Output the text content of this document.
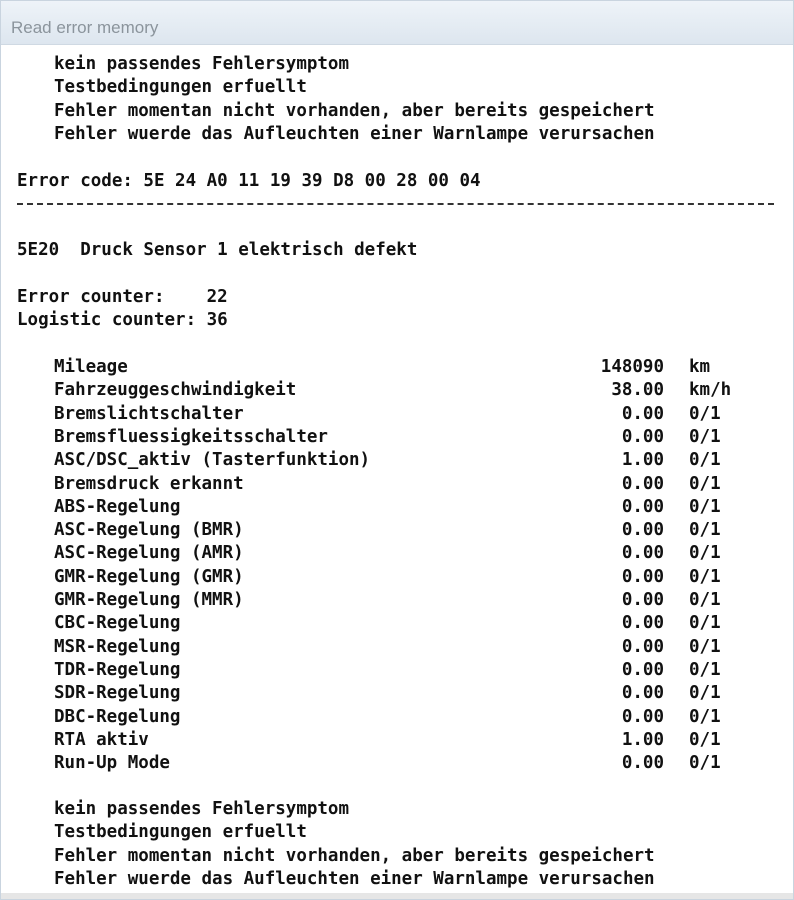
Read error memory
kein passendes Fehlersymptom
Testbedingungen erfuellt
Fehler momentan nicht vorhanden, aber bereits gespeichert
Fehler wuerde das Aufleuchten einer Warnlampe verursachen
Error code: 5E 24 A0 11 19 39 D8 00 28 00 04
5E20  Druck Sensor 1 elektrisch defekt
Error counter:    22
Logistic counter: 36
Mileage	148090 km
Fahrzeuggeschwindigkeit	38.00 km/h
Bremslichtschalter	0.00 0/1
Bremsfluessigkeitsschalter	0.00 0/1
ASC/DSC_aktiv (Tasterfunktion)	1.00 0/1
Bremsdruck erkannt	0.00 0/1
ABS-Regelung	0.00 0/1
ASC-Regelung (BMR)	0.00 0/1
ASC-Regelung (AMR)	0.00 0/1
GMR-Regelung (GMR)	0.00 0/1
GMR-Regelung (MMR)	0.00 0/1
CBC-Regelung	0.00 0/1
MSR-Regelung	0.00 0/1
TDR-Regelung	0.00 0/1
SDR-Regelung	0.00 0/1
DBC-Regelung	0.00 0/1
RTA aktiv	1.00 0/1
Run-Up Mode	0.00 0/1
kein passendes Fehlersymptom
Testbedingungen erfuellt
Fehler momentan nicht vorhanden, aber bereits gespeichert
Fehler wuerde das Aufleuchten einer Warnlampe verursachen
